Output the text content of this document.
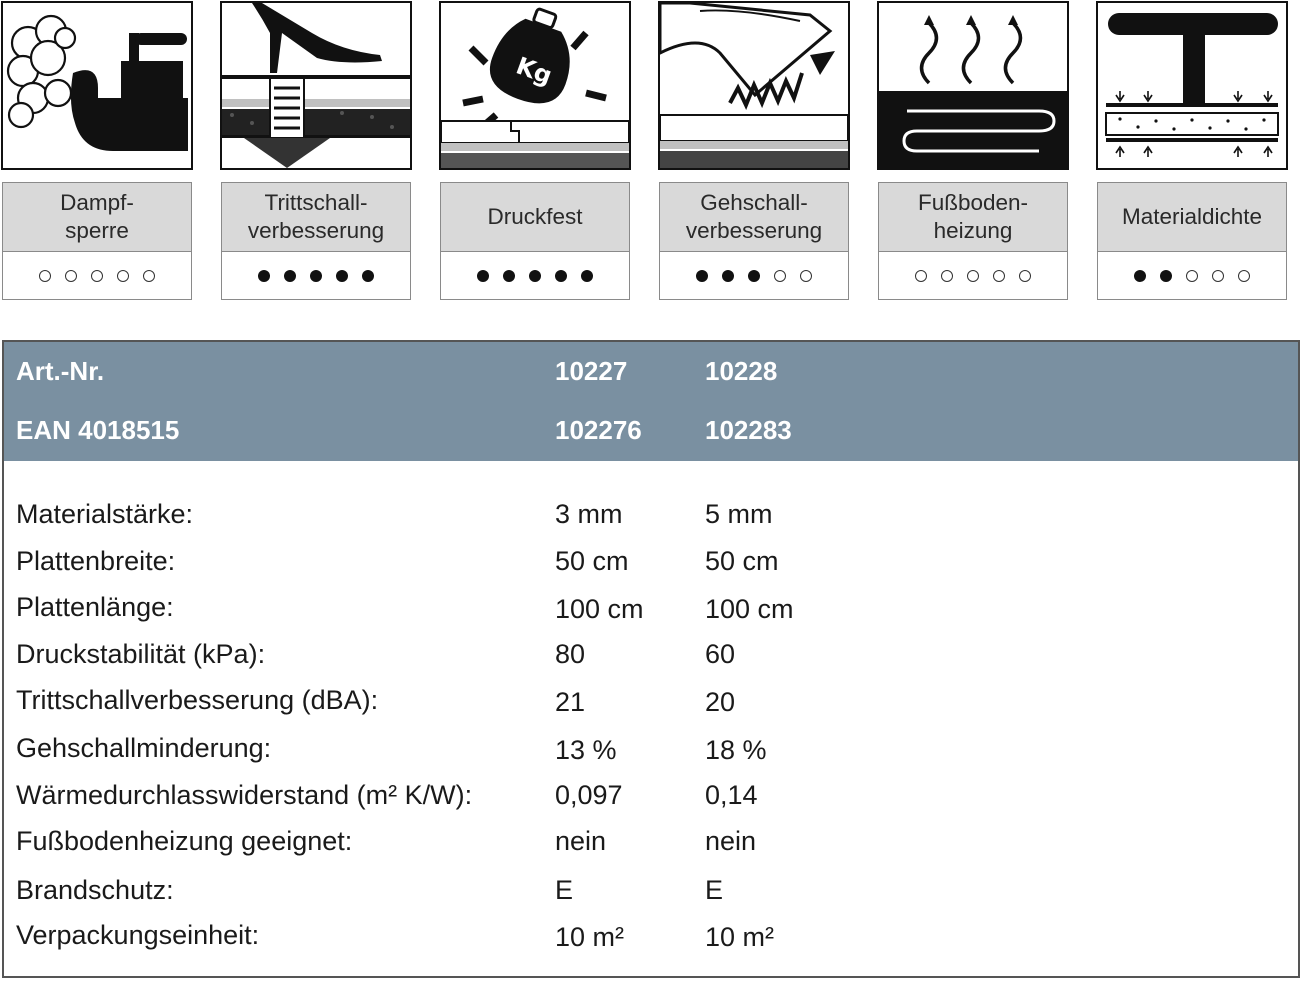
Dampf-
sperre
Trittschall-
verbesserung
Kg
Druckfest
Gehschall-
verbesserung
Fußboden-
heizung
Materialdichte
Art.-Nr.	10227	10228
EAN 4018515	102276 102283
Materialstärke:	3 mm	5 mm
Plattenbreite:	50 cm	50 cm
Plattenlänge:	100 cm 100 cm
Druckstabilität (kPa):	80	60
Trittschallverbesserung (dBA):	21	20
Gehschallminderung:	13 %	18 %
Wärmedurchlasswiderstand (m² K/W):	0,097	0,14
Fußbodenheizung geeignet:	nein	nein
Brandschutz:	E	E
Verpackungseinheit:	10 m²	10 m²
